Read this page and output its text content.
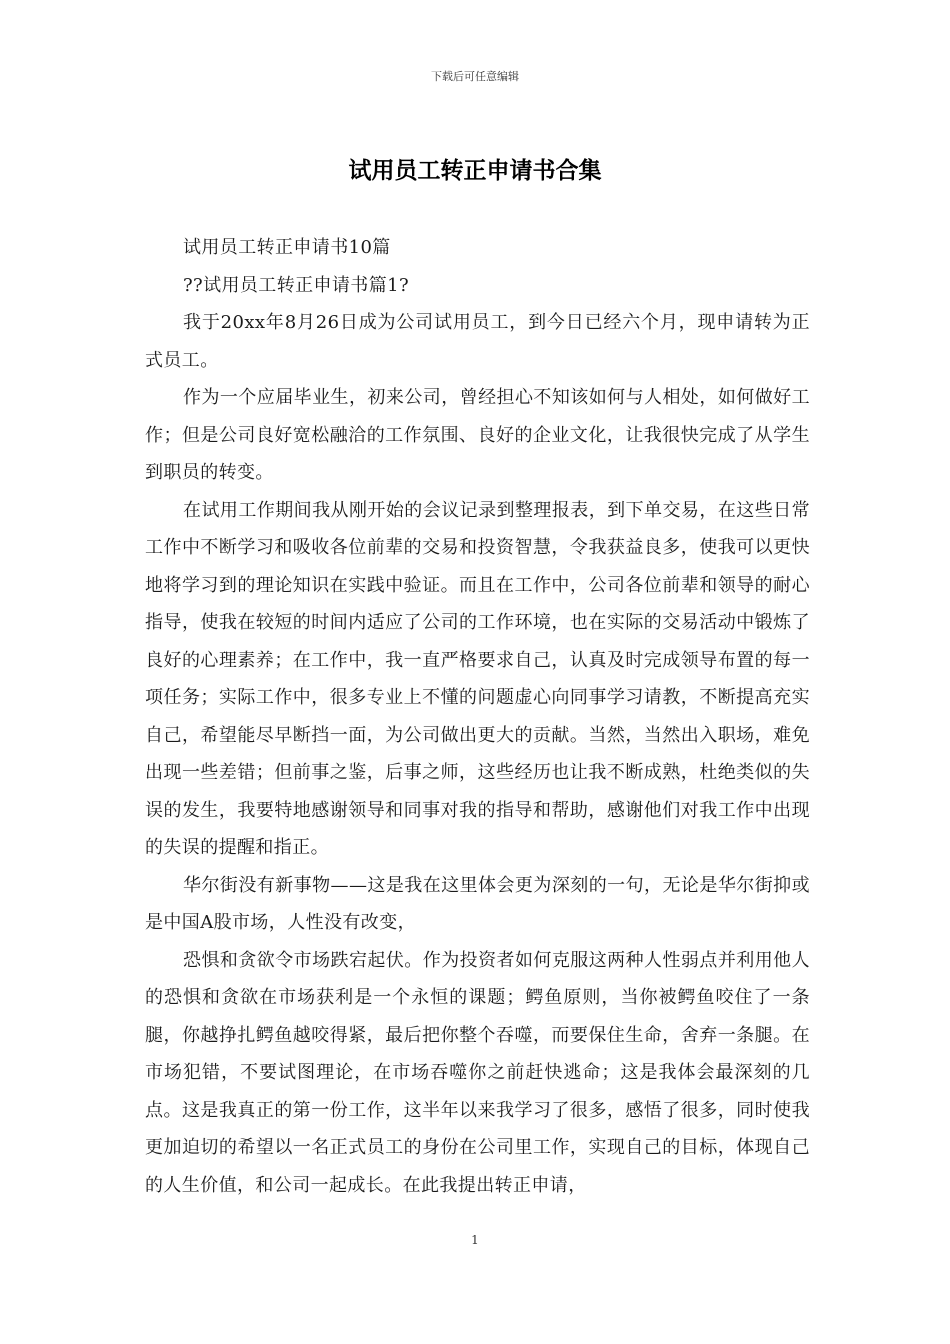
下载后可任意编辑
试用员工转正申请书合集

试用员工转正申请书10篇

??试用员工转正申请书篇1?

我于20xx年8月26日成为公司试用员工，到今日已经六个月，现申请转为正式员工。

作为一个应届毕业生，初来公司，曾经担心不知该如何与人相处，如何做好工作；但是公司良好宽松融洽的工作氛围、良好的企业文化，让我很快完成了从学生到职员的转变。

在试用工作期间我从刚开始的会议记录到整理报表，到下单交易，在这些日常工作中不断学习和吸收各位前辈的交易和投资智慧，令我获益良多，使我可以更快地将学习到的理论知识在实践中验证。而且在工作中，公司各位前辈和领导的耐心指导，使我在较短的时间内适应了公司的工作环境，也在实际的交易活动中锻炼了良好的心理素养；在工作中，我一直严格要求自己，认真及时完成领导布置的每一项任务；实际工作中，很多专业上不懂的问题虚心向同事学习请教，不断提高充实自己，希望能尽早断挡一面，为公司做出更大的贡献。当然，当然出入职场，难免出现一些差错；但前事之鉴，后事之师，这些经历也让我不断成熟，杜绝类似的失误的发生，我要特地感谢领导和同事对我的指导和帮助，感谢他们对我工作中出现的失误的提醒和指正。

华尔街没有新事物——这是我在这里体会更为深刻的一句，无论是华尔街抑或是中国A股市场，人性没有改变，

恐惧和贪欲令市场跌宕起伏。作为投资者如何克服这两种人性弱点并利用他人的恐惧和贪欲在市场获利是一个永恒的课题；鳄鱼原则，当你被鳄鱼咬住了一条腿，你越挣扎鳄鱼越咬得紧，最后把你整个吞噬，而要保住生命，舍弃一条腿。在市场犯错，不要试图理论，在市场吞噬你之前赶快逃命；这是我体会最深刻的几点。这是我真正的第一份工作，这半年以来我学习了很多，感悟了很多，同时使我更加迫切的希望以一名正式员工的身份在公司里工作，实现自己的目标，体现自己的人生价值，和公司一起成长。在此我提出转正申请，

1
